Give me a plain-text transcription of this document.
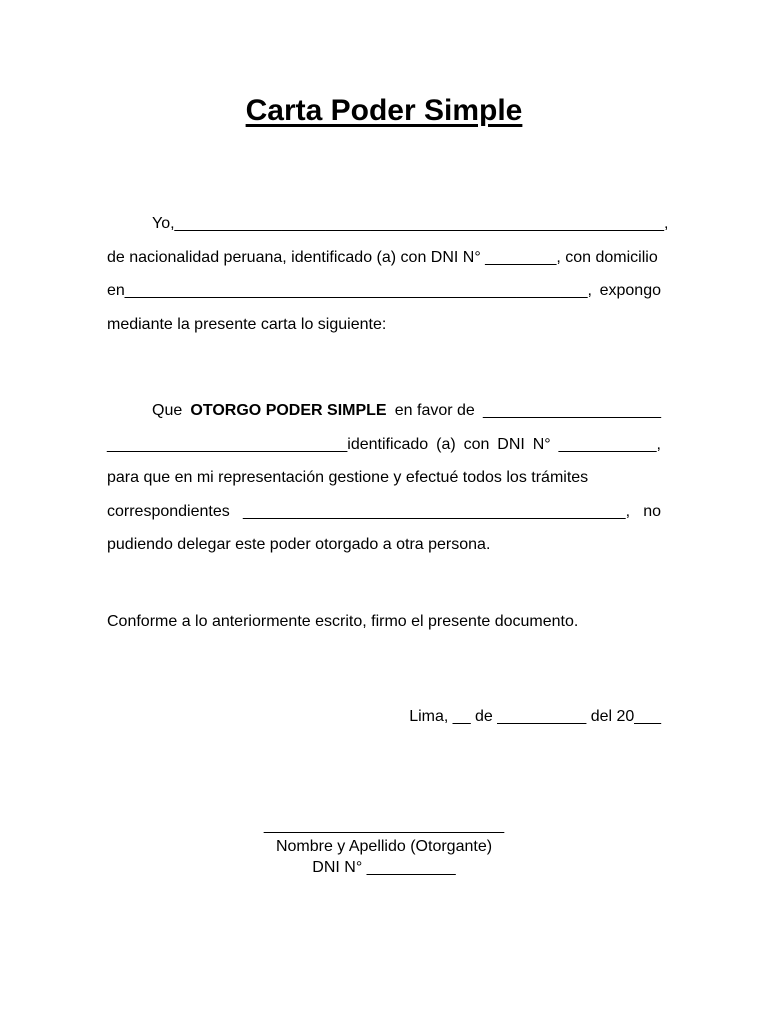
Carta Poder Simple
Yo, _______________________________________________________,
de nacionalidad peruana, identificado (a) con DNI N° ________, con domicilio
en____________________________________________________, expongo
mediante la presente carta lo siguiente:
Que OTORGO PODER SIMPLE en favor de ____________________
___________________________identificado (a) con DNI N° ___________,
para que en mi representación gestione y efectué todos los trámites
correspondientes ___________________________________________, no
pudiendo delegar este poder otorgado a otra persona.
Conforme a lo anteriormente escrito, firmo el presente documento.
Lima, __ de __________ del 20___
___________________________
Nombre y Apellido (Otorgante)
DNI N° __________
